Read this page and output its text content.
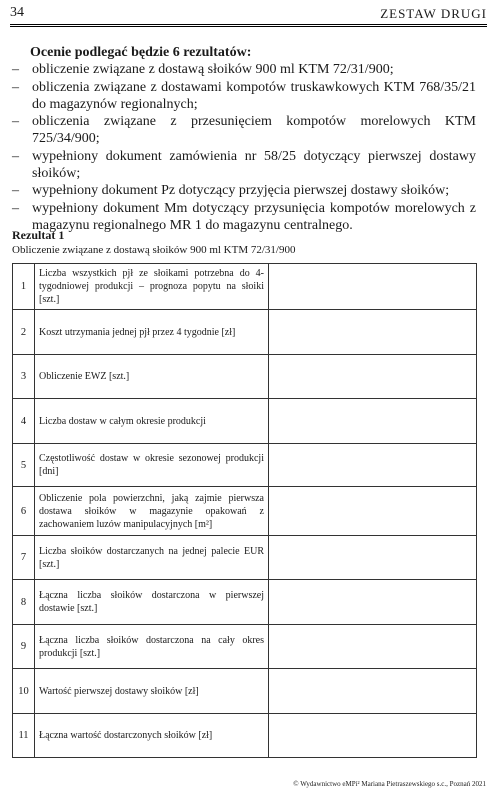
34	ZESTAW DRUGI
Ocenie podlegać będzie 6 rezultatów:
– obliczenie związane z dostawą słoików 900 ml KTM 72/31/900;
– obliczenia związane z dostawami kompotów truskawkowych KTM 768/35/21 do magazynów regionalnych;
– obliczenia związane z przesunięciem kompotów morelowych KTM 725/34/900;
– wypełniony dokument zamówienia nr 58/25 dotyczący pierwszej dostawy słoików;
– wypełniony dokument Pz dotyczący przyjęcia pierwszej dostawy słoików;
– wypełniony dokument Mm dotyczący przysunięcia kompotów morelowych z magazynu regionalnego MR 1 do magazynu centralnego.
Rezultat 1
Obliczenie związane z dostawą słoików 900 ml KTM 72/31/900
1	Liczba wszystkich pjł ze słoikami potrzebna do 4-tygodniowej produkcji – prognoza popytu na słoiki [szt.]	
2	Koszt utrzymania jednej pjł przez 4 tygodnie [zł]	
3	Obliczenie EWZ [szt.]	
4	Liczba dostaw w całym okresie produkcji	
5	Częstotliwość dostaw w okresie sezonowej produkcji [dni]	
6	Obliczenie pola powierzchni, jaką zajmie pierwsza dostawa słoików w magazynie opakowań z zachowaniem luzów manipulacyjnych [m²]	
7	Liczba słoików dostarczanych na jednej palecie EUR [szt.]	
8	Łączna liczba słoików dostarczona w pierwszej dostawie [szt.]	
9	Łączna liczba słoików dostarczona na cały okres produkcji [szt.]	
10	Wartość pierwszej dostawy słoików [zł]	
11	Łączna wartość dostarczonych słoików [zł]	
© Wydawnictwo eMPi² Mariana Pietraszewskiego s.c., Poznań 2021
